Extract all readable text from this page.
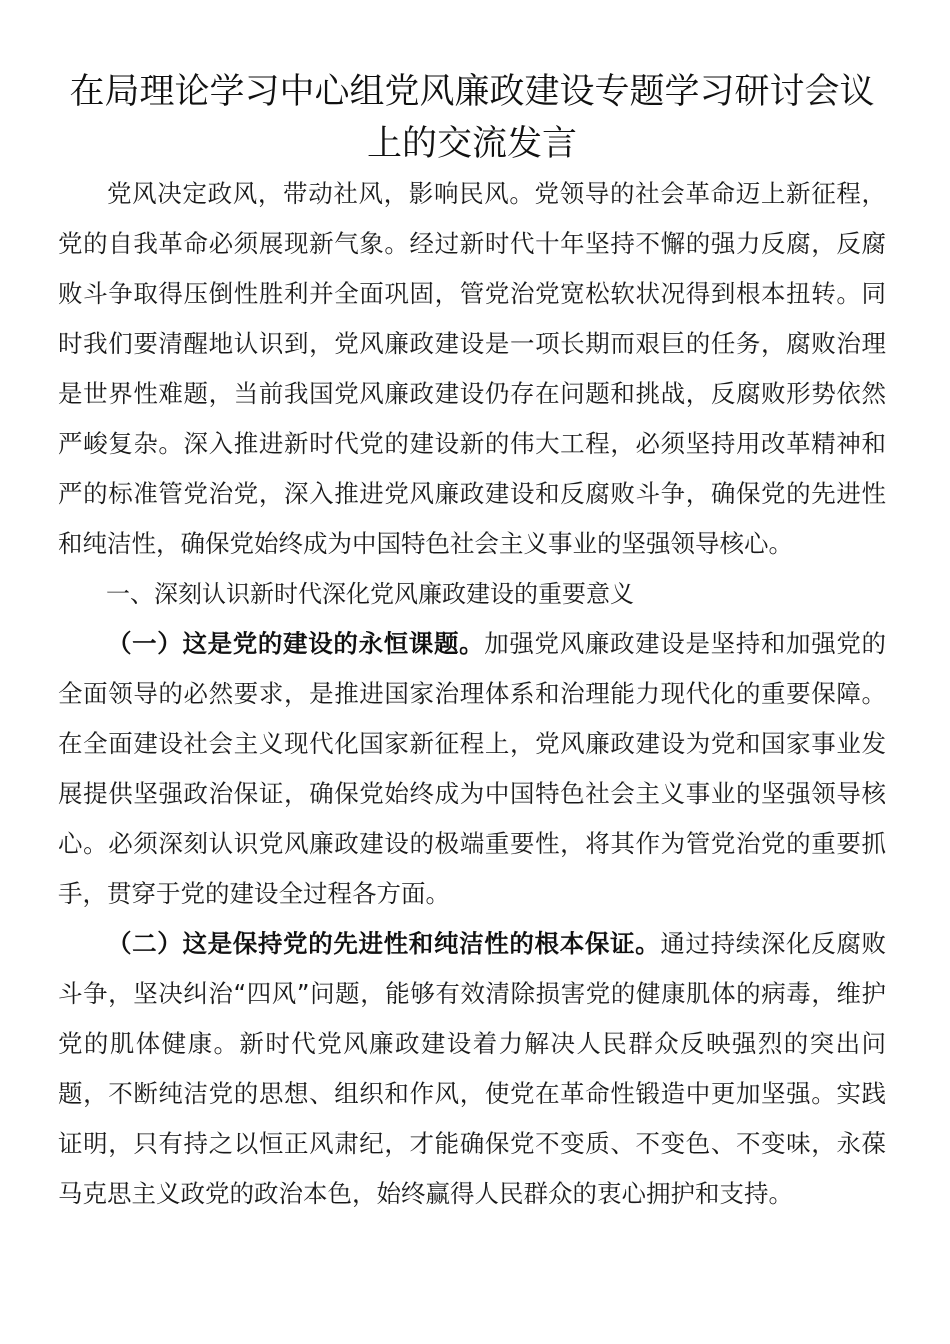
在局理论学习中心组党风廉政建设专题学习研讨会议上的交流发言

党风决定政风，带动社风，影响民风。党领导的社会革命迈上新征程，党的自我革命必须展现新气象。经过新时代十年坚持不懈的强力反腐，反腐败斗争取得压倒性胜利并全面巩固，管党治党宽松软状况得到根本扭转。同时我们要清醒地认识到，党风廉政建设是一项长期而艰巨的任务，腐败治理是世界性难题，当前我国党风廉政建设仍存在问题和挑战，反腐败形势依然严峻复杂。深入推进新时代党的建设新的伟大工程，必须坚持用改革精神和严的标准管党治党，深入推进党风廉政建设和反腐败斗争，确保党的先进性和纯洁性，确保党始终成为中国特色社会主义事业的坚强领导核心。

一、深刻认识新时代深化党风廉政建设的重要意义

（一）这是党的建设的永恒课题。加强党风廉政建设是坚持和加强党的全面领导的必然要求，是推进国家治理体系和治理能力现代化的重要保障。在全面建设社会主义现代化国家新征程上，党风廉政建设为党和国家事业发展提供坚强政治保证，确保党始终成为中国特色社会主义事业的坚强领导核心。必须深刻认识党风廉政建设的极端重要性，将其作为管党治党的重要抓手，贯穿于党的建设全过程各方面。

（二）这是保持党的先进性和纯洁性的根本保证。通过持续深化反腐败斗争，坚决纠治“四风”问题，能够有效清除损害党的健康肌体的病毒，维护党的肌体健康。新时代党风廉政建设着力解决人民群众反映强烈的突出问题，不断纯洁党的思想、组织和作风，使党在革命性锻造中更加坚强。实践证明，只有持之以恒正风肃纪，才能确保党不变质、不变色、不变味，永葆马克思主义政党的政治本色，始终赢得人民群众的衷心拥护和支持。
